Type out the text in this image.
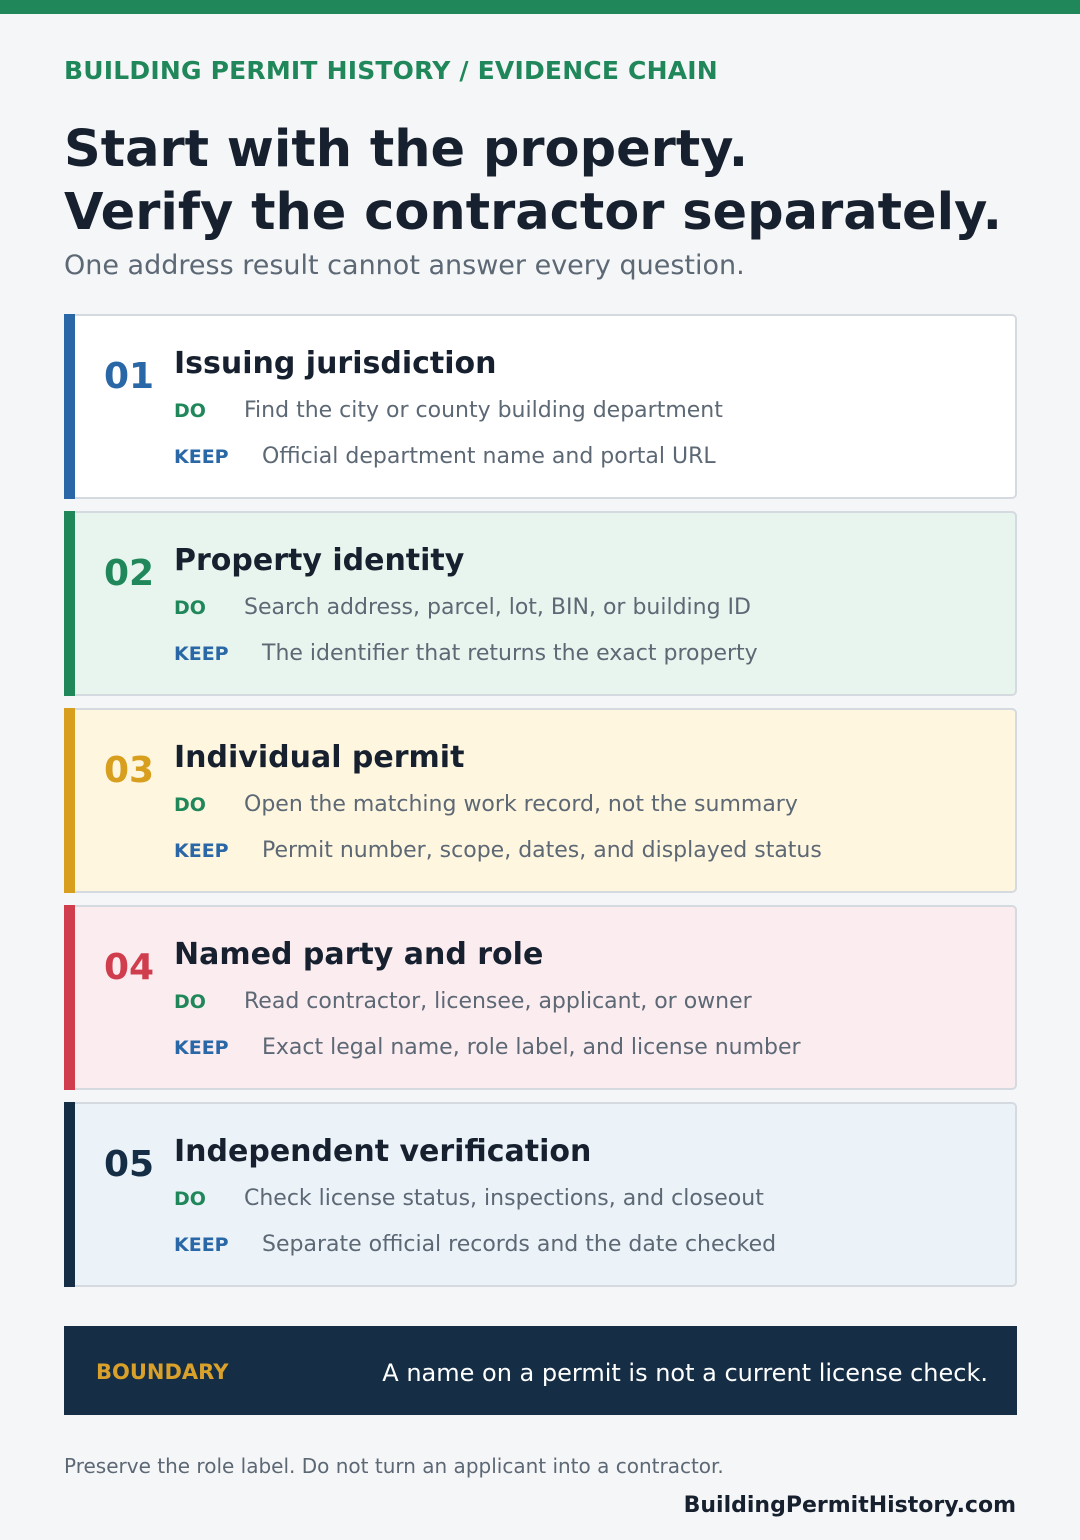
BUILDING PERMIT HISTORY / EVIDENCE CHAIN
Start with the property.
Verify the contractor separately.
One address result cannot answer every question.
01 Issuing jurisdiction
DO Find the city or county building department
KEEP Official department name and portal URL
02 Property identity
DO Search address, parcel, lot, BIN, or building ID
KEEP The identifier that returns the exact property
03 Individual permit
DO Open the matching work record, not the summary
KEEP Permit number, scope, dates, and displayed status
04 Named party and role
DO Read contractor, licensee, applicant, or owner
KEEP Exact legal name, role label, and license number
05 Independent verification
DO Check license status, inspections, and closeout
KEEP Separate official records and the date checked
BOUNDARY	A name on a permit is not a current license check.
Preserve the role label. Do not turn an applicant into a contractor.
BuildingPermitHistory.com
